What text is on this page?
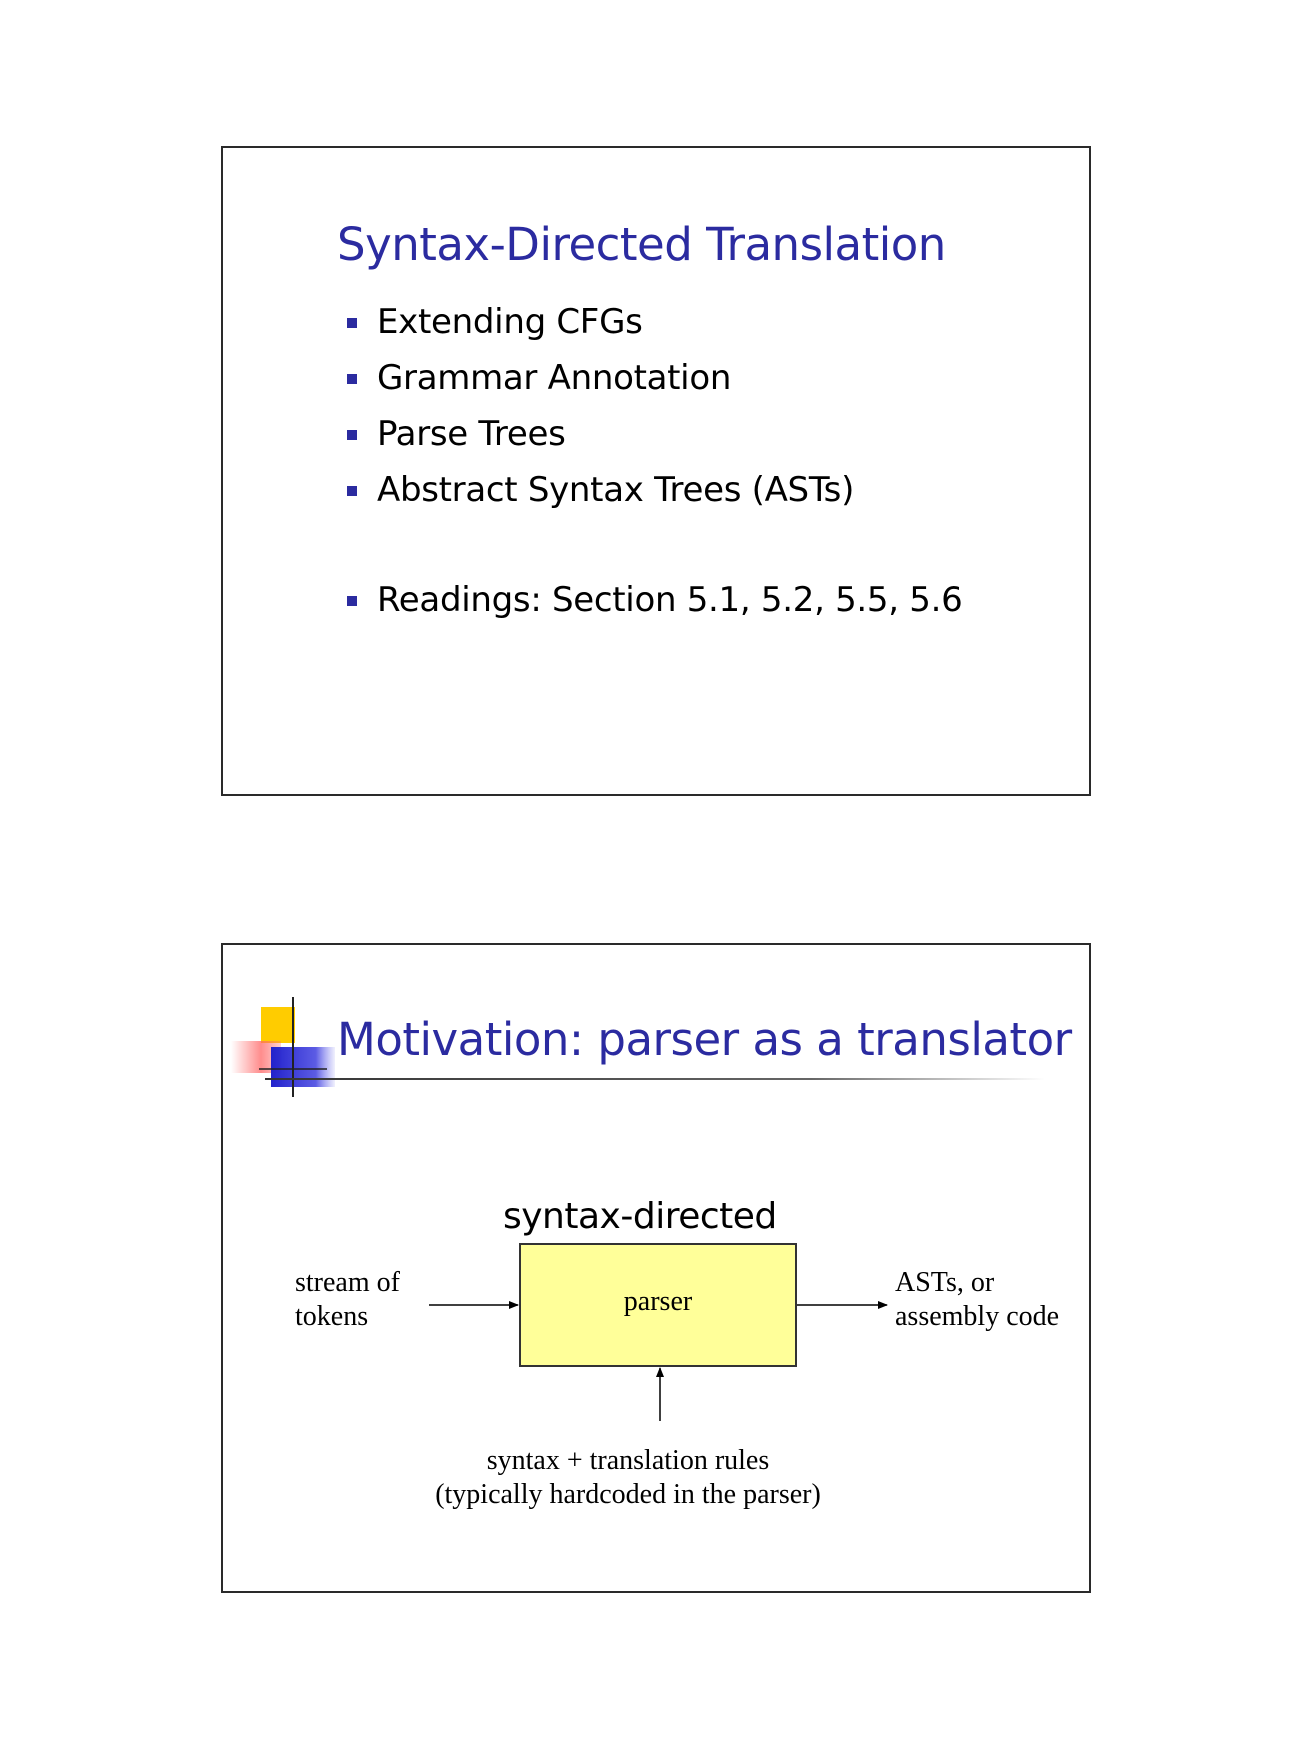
Syntax-Directed Translation
Extending CFGs
Grammar Annotation
Parse Trees
Abstract Syntax Trees (ASTs)
Readings: Section 5.1, 5.2, 5.5, 5.6
Motivation: parser as a translator
syntax-directed
parser
stream of
tokens
ASTs, or
assembly code
syntax + translation rules
(typically hardcoded in the parser)
